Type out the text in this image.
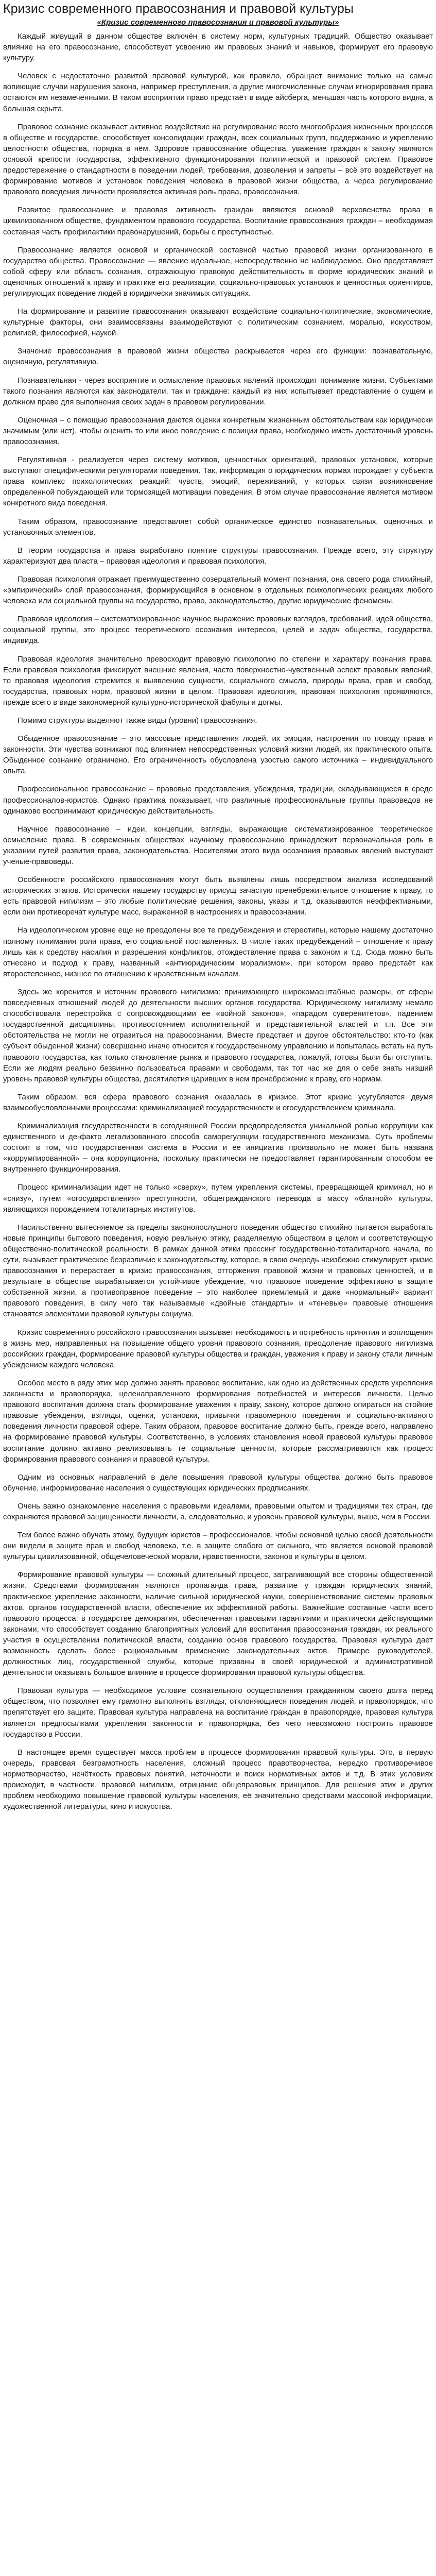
Кризис современного правосознания и правовой культуры
«Кризис современного правосознания и правовой культуры»

Каждый живущий в данном обществе включён в систему норм, культурных традиций. Общество оказывает влияние на его правосознание, способствует усвоению им правовых знаний и навыков, формирует его правовую культуру.

Человек с недостаточно развитой правовой культурой, как правило, обращает внимание только на самые вопиющие случаи нарушения закона, например преступления, а другие многочисленные случаи игнорирования права остаются им незамеченными. В таком восприятии право предстаёт в виде айсберга, меньшая часть которого видна, а большая скрыта.

Правовое сознание оказывает активное воздействие на регулирование всего многообразия жизненных процессов в обществе и государстве, способствует консолидации граждан, всех социальных групп, поддержанию и укреплению целостности общества, порядка в нём. Здоровое правосознание общества, уважение граждан к закону являются основой крепости государства, эффективного функционирования политической и правовой систем. Правовое предостережение о стандартности в поведении людей, требования, дозволения и запреты – всё это воздействует на формирование мотивов и установок поведения человека в правовой жизни общества, а через регулирование правового поведения личности проявляется активная роль права, правосознания.

Развитое правосознание и правовая активность граждан являются основой верховенства права в цивилизованном обществе, фундаментом правового государства. Воспитание правосознания граждан – необходимая составная часть профилактики правонарушений, борьбы с преступностью.

Правосознание является основой и органической составной частью правовой жизни организованного в государство общества. Правосознание — явление идеальное, непосредственно не наблюдаемое. Оно представляет собой сферу или область сознания, отражающую правовую действительность в форме юридических знаний и оценочных отношений к праву и практике его реализации, социально-правовых установок и ценностных ориентиров, регулирующих поведение людей в юридически значимых ситуациях.

На формирование и развитие правосознания оказывают воздействие социально-политические, экономические, культурные факторы, они взаимосвязаны взаимодействуют с политическим сознанием, моралью, искусством, религией, философией, наукой.

Значение правосознания в правовой жизни общества раскрывается через его функции: познавательную, оценочную, регулятивную.

Познавательная - через восприятие и осмысление правовых явлений происходит понимание жизни. Субъектами такого познания являются как законодатели, так и граждане: каждый из них испытывает представление о сущем и должном праве для выполнения своих задач в правовом регулировании.

Оценочная – с помощью правосознания даются оценки конкретным жизненным обстоятельствам как юридически значимым (или нет), чтобы оценить то или иное поведение с позиции права, необходимо иметь достаточный уровень правосознания.

Регулятивная - реализуется через систему мотивов, ценностных ориентаций, правовых установок, которые выступают специфическими регуляторами поведения. Так, информация о юридических нормах порождает у субъекта права комплекс психологических реакций: чувств, эмоций, переживаний, у которых связи возникновение определенной побуждающей или тормозящей мотивации поведения. В этом случае правосознание является мотивом конкретного вида поведения.

Таким образом, правосознание представляет собой органическое единство познавательных, оценочных и установочных элементов.

В теории государства и права выработано понятие структуры правосознания. Прежде всего, эту структуру характеризуют два пласта – правовая идеология и правовая психология.

Правовая психология отражает преимущественно созерцательный момент познания, она своего рода стихийный, «эмпирический» слой правосознания, формирующийся в основном в отдельных психологических реакциях любого человека или социальной группы на государство, право, законодательство, другие юридические феномены.

Правовая идеология – систематизированное научное выражение правовых взглядов, требований, идей общества, социальной группы, это процесс теоретического осознания интересов, целей и задач общества, государства, индивида.

Правовая идеология значительно превосходит правовую психологию по степени и характеру познания права. Если правовая психология фиксирует внешние явления, часто поверхностно-чувственный аспект правовых явлений, то правовая идеология стремится к выявлению сущности, социального смысла, природы права, прав и свобод, государства, правовых норм, правовой жизни в целом. Правовая идеология, правовая психология проявляются, прежде всего в виде закономерной культурно-исторической фабулы и догмы.

Помимо структуры выделяют также виды (уровни) правосознания.

Обыденное правосознание – это массовые представления людей, их эмоции, настроения по поводу права и законности. Эти чувства возникают под влиянием непосредственных условий жизни людей, их практического опыта. Обыденное сознание ограничено. Его ограниченность обусловлена узостью самого источника – индивидуального опыта.

Профессиональное правосознание – правовые представления, убеждения, традиции, складывающиеся в среде профессионалов-юристов. Однако практика показывает, что различные профессиональные группы правоведов не одинаково воспринимают юридическую действительность.

Научное правосознание – идеи, концепции, взгляды, выражающие систематизированное теоретическое осмысление права. В современных обществах научному правосознанию принадлежит первоначальная роль в указании путей развития права, законодательства. Носителями этого вида осознания правовых явлений выступают ученые-правоведы.

Особенности российского правосознания могут быть выявлены лишь посредством анализа исследований исторических этапов. Исторически нашему государству присущ зачастую пренебрежительное отношение к праву, то есть правовой нигилизм – это любые политические решения, законы, указы и т.д. оказываются неэффективными, если они противоречат культуре масс, выраженной в настроениях и правосознании.

На идеологическом уровне еще не преодолены все те предубеждения и стереотипы, которые нашему достаточно полному понимания роли права, его социальной поставленных. В числе таких предубеждений – отношение к праву лишь как к средству насилия и разрешения конфликтов, отождествление права с законом и т.д. Сюда можно быть отнесено и подход к праву, названный «антиюридическим морализмом», при котором право предстаёт как второстепенное, низшее по отношению к нравственным началам.

Здесь же коренится и источник правового нигилизма: принимающего широкомасштабные размеры, от сферы повседневных отношений людей до деятельности высших органов государства. Юридическому нигилизму немало способствовала перестройка с сопровождающими ее «войной законов», «парадом суверенитетов», падением государственной дисциплины, противостоянием исполнительной и представительной властей и т.п. Все эти обстоятельства не могли не отразиться на правосознании. Вместе предстает и другое обстоятельство: кто-то (как субъект обыденной жизни) совершенно иначе относится к государственному управлению и попыталась встать на путь правового государства, как только становление рынка и правового государства, пожалуй, готовы были бы отступить. Если же людям реально безвинно пользоваться правами и свободами, так тот час же для о себе знать низший уровень правовой культуры общества, десятилетия царивших в нем пренебрежение к праву, его нормам.

Таким образом, вся сфера правового сознания оказалась в кризисе. Этот кризис усугубляется двумя взаимообусловленными процессами: криминализацией государственности и огосударствлением криминала.

Криминализация государственности в сегодняшней России предопределяется уникальной ролью коррупции как единственного и де-факто легализованного способа саморегуляции государственного механизма. Суть проблемы состоит в том, что государственная система в России и ее инициатив произвольно не может быть названа «коррумпированной» – она коррупционна, поскольку практически не предоставляет гарантированным способом ее внутреннего функционирования.

Процесс криминализации идет не только «сверху», путем укрепления системы, превращающей криминал, но и «снизу», путем «огосударствления» преступности, общегражданского перевода в массу «блатной» культуры, являющихся порождением тоталитарных институтов.

Насильственно вытесняемое за пределы законопослушного поведения общество стихийно пытается выработать новые принципы бытового поведения, новую реальную этику, разделяемую обществом в целом и соответствующую общественно-политической реальности. В рамках данной этики прессинг государственно-тоталитарного начала, по сути, вызывает практическое безразличие к законодательству, которое, в свою очередь неизбежно стимулирует кризис правосознания и перерастает в кризис правосознания, отторжения правовой жизни и правовых ценностей, и в результате в обществе вырабатывается устойчивое убеждение, что правовое поведение эффективно в защите собственной жизни, а противоправное поведение – это наиболее приемлемый и даже «нормальный» вариант правового поведения, в силу чего так называемые «двойные стандарты» и «теневые» правовые отношения становятся элементами правовой культуры социума.

Кризис современного российского правосознания вызывает необходимость и потребность принятия и воплощения в жизнь мер, направленных на повышение общего уровня правового сознания, преодоление правового нигилизма российских граждан, формирование правовой культуры общества и граждан, уважения к праву и закону стали личным убеждением каждого человека.

Особое место в ряду этих мер должно занять правовое воспитание, как одно из действенных средств укрепления законности и правопорядка, целенаправленного формирования потребностей и интересов личности. Целью правового воспитания должна стать формирование уважения к праву, закону, которое должно опираться на стойкие правовые убеждения, взгляды, оценки, установки, привычки правомерного поведения и социально-активного поведения личности правовой сфере. Таким образом, правовое воспитание должно быть, прежде всего, направлено на формирование правовой культуры. Соответственно, в условиях становления новой правовой культуры правовое воспитание должно активно реализовывать те социальные ценности, которые рассматриваются как процесс формирования правового сознания и правовой культуры.

Одним из основных направлений в деле повышения правовой культуры общества должно быть правовое обучение, информирование населения о существующих юридических предписаниях.

Очень важно ознакомление населения с правовыми идеалами, правовыми опытом и традициями тех стран, где сохраняются правовой защищенности личности, а, следовательно, и уровень правовой культуры, выше, чем в России.

Тем более важно обучать этому, будущих юристов – профессионалов, чтобы основной целью своей деятельности они видели в защите прав и свобод человека, т.е. в защите слабого от сильного, что является основой правовой культуры цивилизованной, общечеловеческой морали, нравственности, законов и культуры в целом.

Формирование правовой культуры — сложный длительный процесс, затрагивающий все стороны общественной жизни. Средствами формирования являются пропаганда права, развитие у граждан юридических знаний, практическое укрепление законности, наличие сильной юридической науки, совершенствование системы правовых актов, органов государственной власти, обеспечение их эффективной работы. Важнейшие составные части всего правового процесса: в государстве демократия, обеспеченная правовыми гарантиями и практически действующими законами, что способствует созданию благоприятных условий для воспитания правосознания граждан, их реального участия в осуществлении политической власти, созданию основ правового государства. Правовая культура дает возможность сделать более рациональным применение законодательных актов. Примере руководителей, должностных лиц, государственной службы, которые призваны в своей юридической и административной деятельности оказывать большое влияние в процессе формирования правовой культуры общества.

Правовая культура — необходимое условие сознательного осуществления гражданином своего долга перед обществом, что позволяет ему грамотно выполнять взгляды, отклоняющиеся поведения людей, и правопорядок, что препятствует его защите. Правовая культура направлена на воспитание граждан в правопорядке, правовая культура является предпосылками укрепления законности и правопорядка, без чего невозможно построить правовое государство в России.

В настоящее время существует масса проблем в процессе формирования правовой культуры. Это, в первую очередь, правовая безграмотность населения, сложный процесс правотворчества, нередко противоречивое нормотворчество, нечёткость правовых понятий, неточности и поиск нормативных актов и т.д. В этих условиях происходит, в частности, правовой нигилизм, отрицание общеправовых принципов. Для решения этих и других проблем необходимо повышение правовой культуры населения, её значительно средствами массовой информации, художественной литературы, кино и искусства.
